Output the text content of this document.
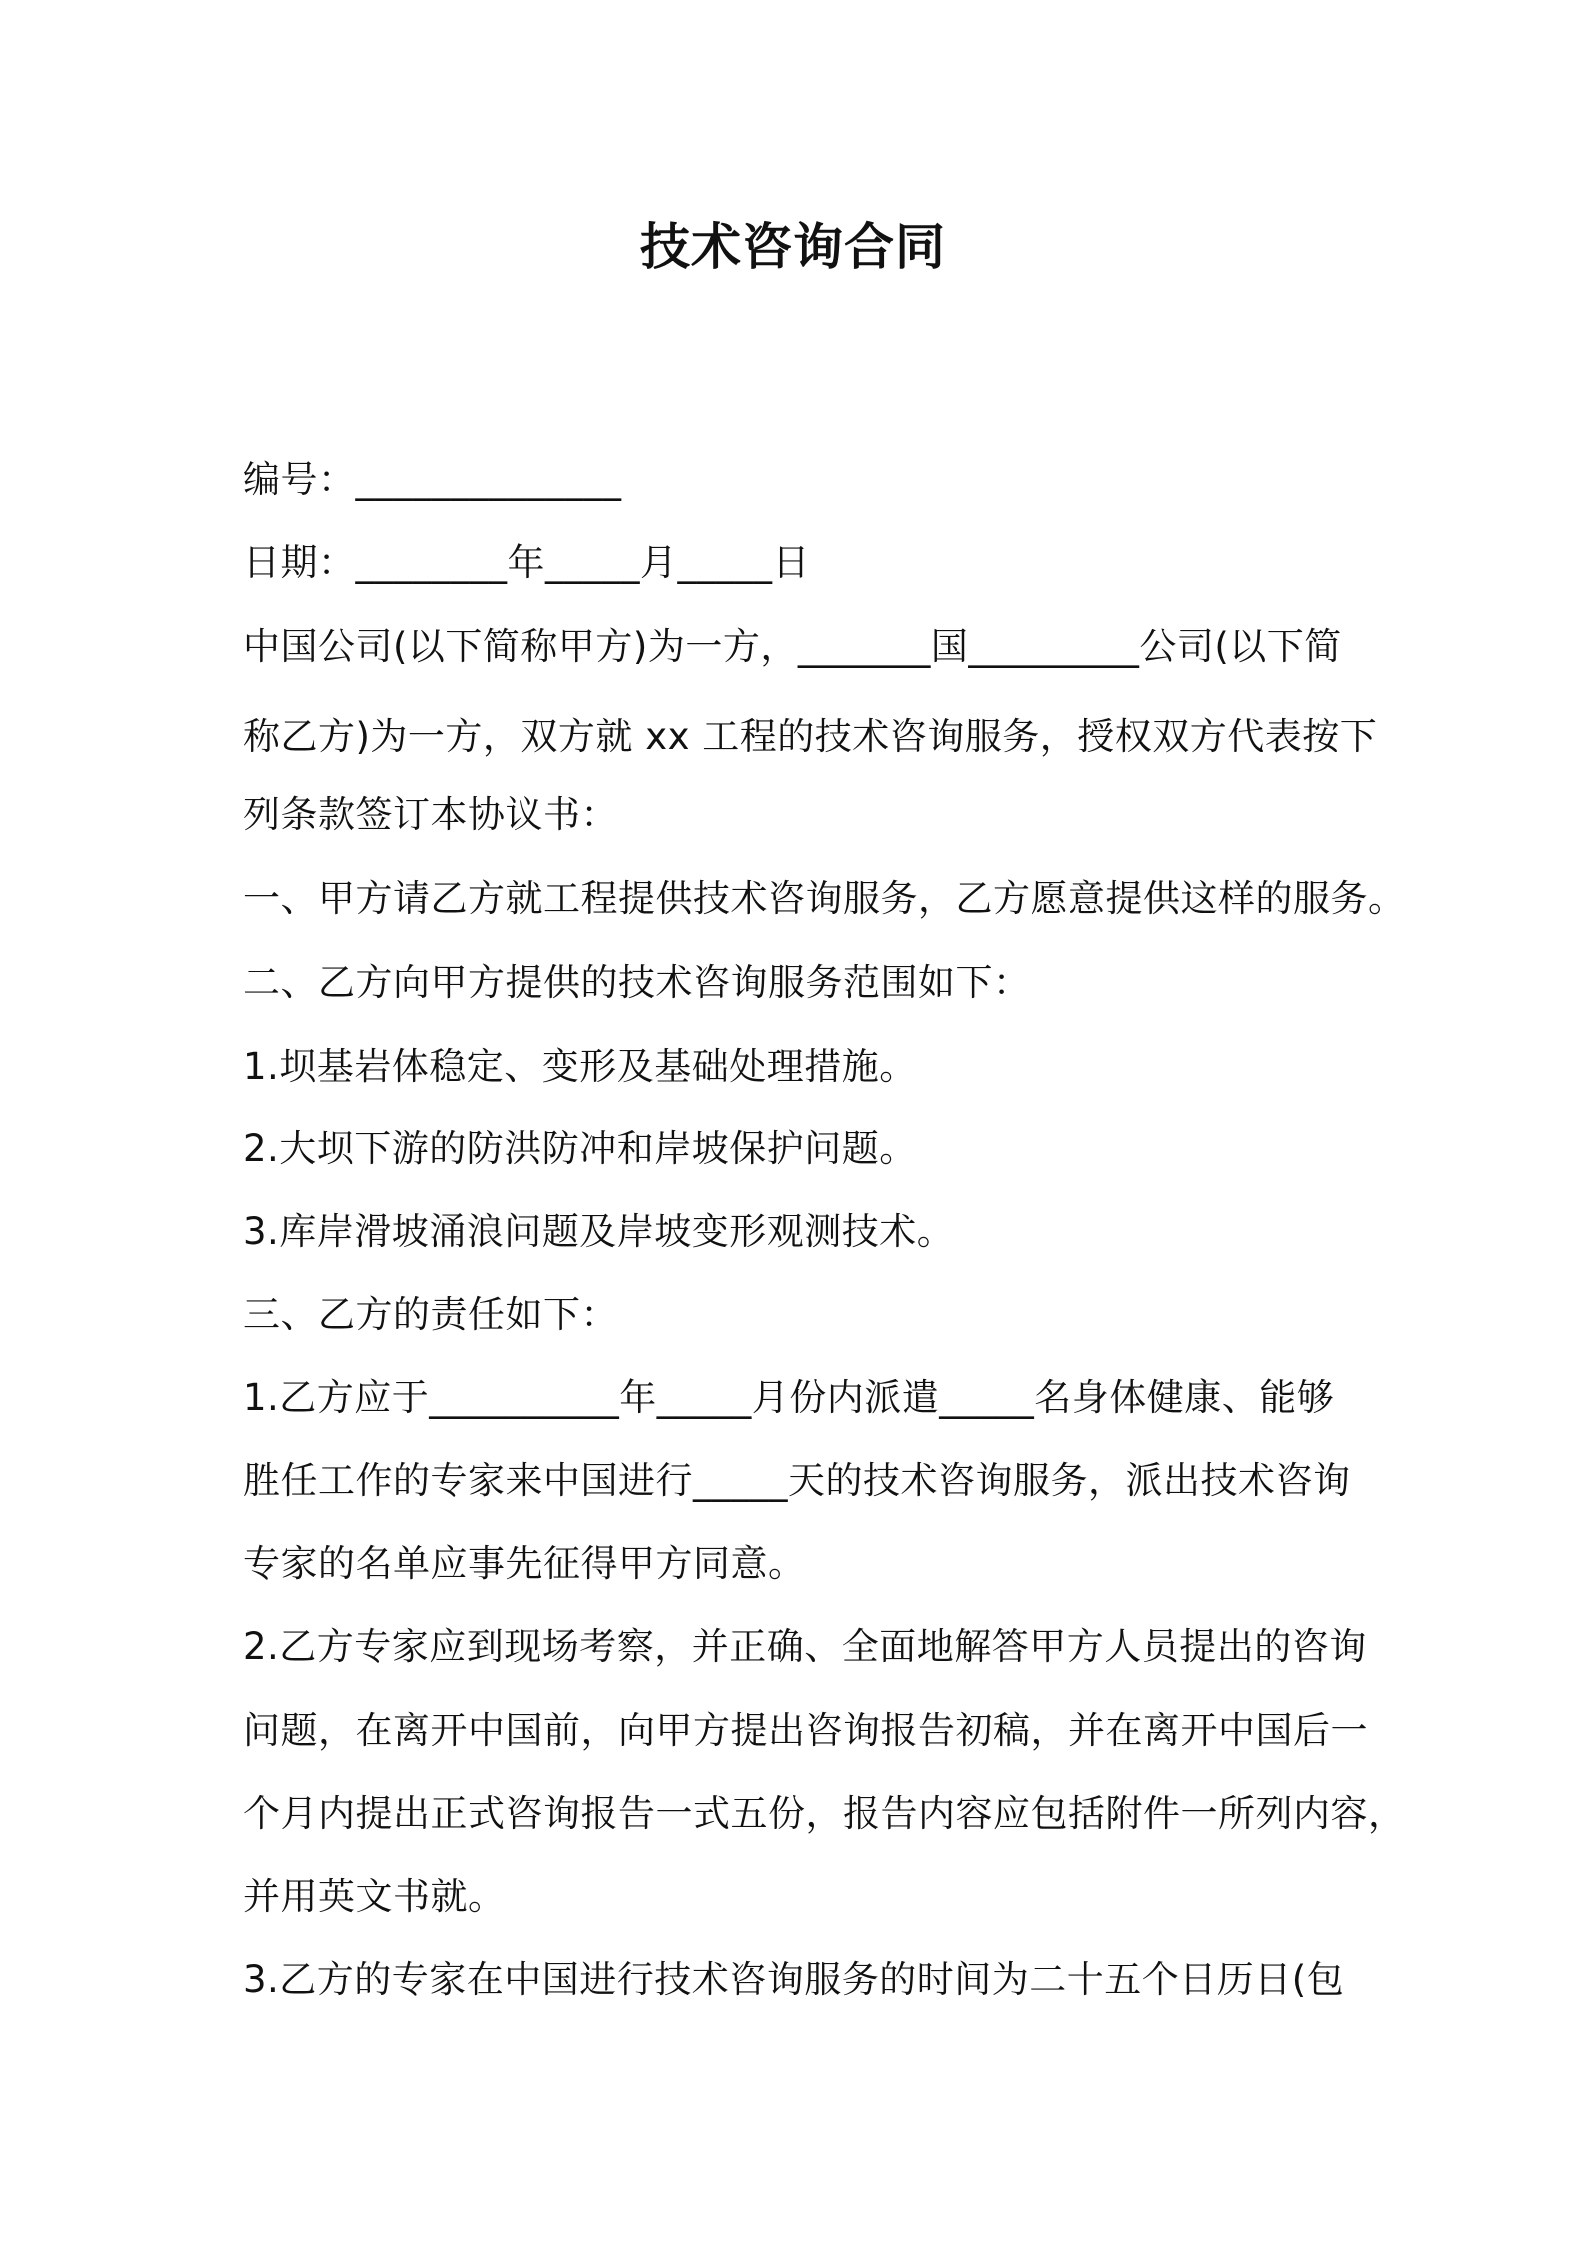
技术咨询合同
编号：______________
日期：________年_____月_____日
中国公司(以下简称甲方)为一方，_______国_________公司(以下简
称乙方)为一方，双方就 xx 工程的技术咨询服务，授权双方代表按下
列条款签订本协议书：
一、甲方请乙方就工程提供技术咨询服务，乙方愿意提供这样的服务。
二、乙方向甲方提供的技术咨询服务范围如下：
1.坝基岩体稳定、变形及基础处理措施。
2.大坝下游的防洪防冲和岸坡保护问题。
3.库岸滑坡涌浪问题及岸坡变形观测技术。
三、乙方的责任如下：
1.乙方应于__________年_____月份内派遣_____名身体健康、能够
胜任工作的专家来中国进行_____天的技术咨询服务，派出技术咨询
专家的名单应事先征得甲方同意。
2.乙方专家应到现场考察，并正确、全面地解答甲方人员提出的咨询
问题，在离开中国前，向甲方提出咨询报告初稿，并在离开中国后一
个月内提出正式咨询报告一式五份，报告内容应包括附件一所列内容，
并用英文书就。
3.乙方的专家在中国进行技术咨询服务的时间为二十五个日历日(包
